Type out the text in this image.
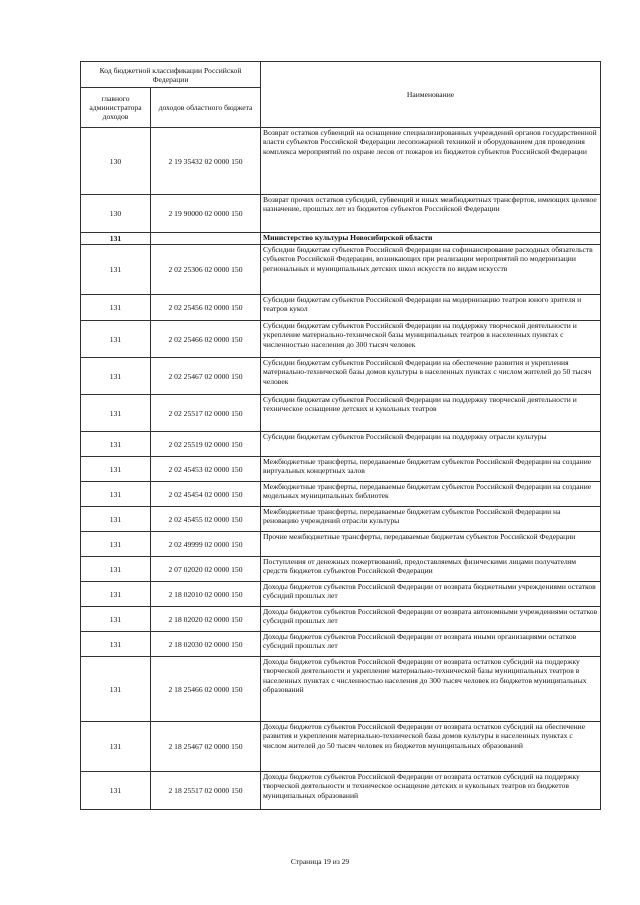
Код бюджетной классификации Российской Федерации		Наименование
главного администратора доходов	доходов областного бюджета	
130	2 19 35432 02 0000 150	Возврат остатков субвенций на оснащение специализированных учреждений органов государственной власти субъектов Российской Федерации лесопожарной техникой и оборудованием для проведения комплекса мероприятий по охране лесов от пожаров из бюджетов субъектов Российской Федерации
130	2 19 90000 02 0000 150	Возврат прочих остатков субсидий, субвенций и иных межбюджетных трансфертов, имеющих целевое назначение, прошлых лет из бюджетов субъектов Российской Федерации
131		Министерство культуры Новосибирской области
131	2 02 25306 02 0000 150	Субсидии бюджетам субъектов Российской Федерации на софинансирование расходных обязательств субъектов Российской Федерации, возникающих при реализации мероприятий по модернизации региональных и муниципальных детских школ искусств по видам искусств
131	2 02 25456 02 0000 150	Субсидии бюджетам субъектов Российской Федерации на модернизацию театров юного зрителя и театров кукол
131	2 02 25466 02 0000 150	Субсидии бюджетам субъектов Российской Федерации на поддержку творческой деятельности и укрепление материально-технической базы муниципальных театров в населенных пунктах с численностью населения до 300 тысяч человек
131	2 02 25467 02 0000 150	Субсидии бюджетам субъектов Российской Федерации на обеспечение развития и укрепления материально-технической базы домов культуры в населенных пунктах с числом жителей до 50 тысяч человек
131	2 02 25517 02 0000 150	Субсидии бюджетам субъектов Российской Федерации на поддержку творческой деятельности и техническое оснащение детских и кукольных театров
131	2 02 25519 02 0000 150	Субсидии бюджетам субъектов Российской Федерации на поддержку отрасли культуры
131	2 02 45453 02 0000 150	Межбюджетные трансферты, передаваемые бюджетам субъектов Российской Федерации на создание виртуальных концертных залов
131	2 02 45454 02 0000 150	Межбюджетные трансферты, передаваемые бюджетам субъектов Российской Федерации на создание модельных муниципальных библиотек
131	2 02 45455 02 0000 150	Межбюджетные трансферты, передаваемые бюджетам субъектов Российской Федерации на реновацию учреждений отрасли культуры
131	2 02 49999 02 0000 150	Прочие межбюджетные трансферты, передаваемые бюджетам субъектов Российской Федерации
131	2 07 02020 02 0000 150	Поступления от денежных пожертвований, предоставляемых физическими лицами получателям средств бюджетов субъектов Российской Федерации
131	2 18 02010 02 0000 150	Доходы бюджетов субъектов Российской Федерации от возврата бюджетными учреждениями остатков субсидий прошлых лет
131	2 18 02020 02 0000 150	Доходы бюджетов субъектов Российской Федерации от возврата автономными учреждениями остатков субсидий прошлых лет
131	2 18 02030 02 0000 150	Доходы бюджетов субъектов Российской Федерации от возврата иными организациями остатков субсидий прошлых лет
131	2 18 25466 02 0000 150	Доходы бюджетов субъектов Российской Федерации от возврата остатков субсидий на поддержку творческой деятельности и укрепление материально-технической базы муниципальных театров в населенных пунктах с численностью населения до 300 тысяч человек из бюджетов муниципальных образований
131	2 18 25467 02 0000 150	Доходы бюджетов субъектов Российской Федерации от возврата остатков субсидий на обеспечение развития и укрепления материально-технической базы домов культуры в населенных пунктах с числом жителей до 50 тысяч человек из бюджетов муниципальных образований
131	2 18 25517 02 0000 150	Доходы бюджетов субъектов Российской Федерации от возврата остатков субсидий на поддержку творческой деятельности и техническое оснащение детских и кукольных театров из бюджетов муниципальных образований
Страница 19 из 29
